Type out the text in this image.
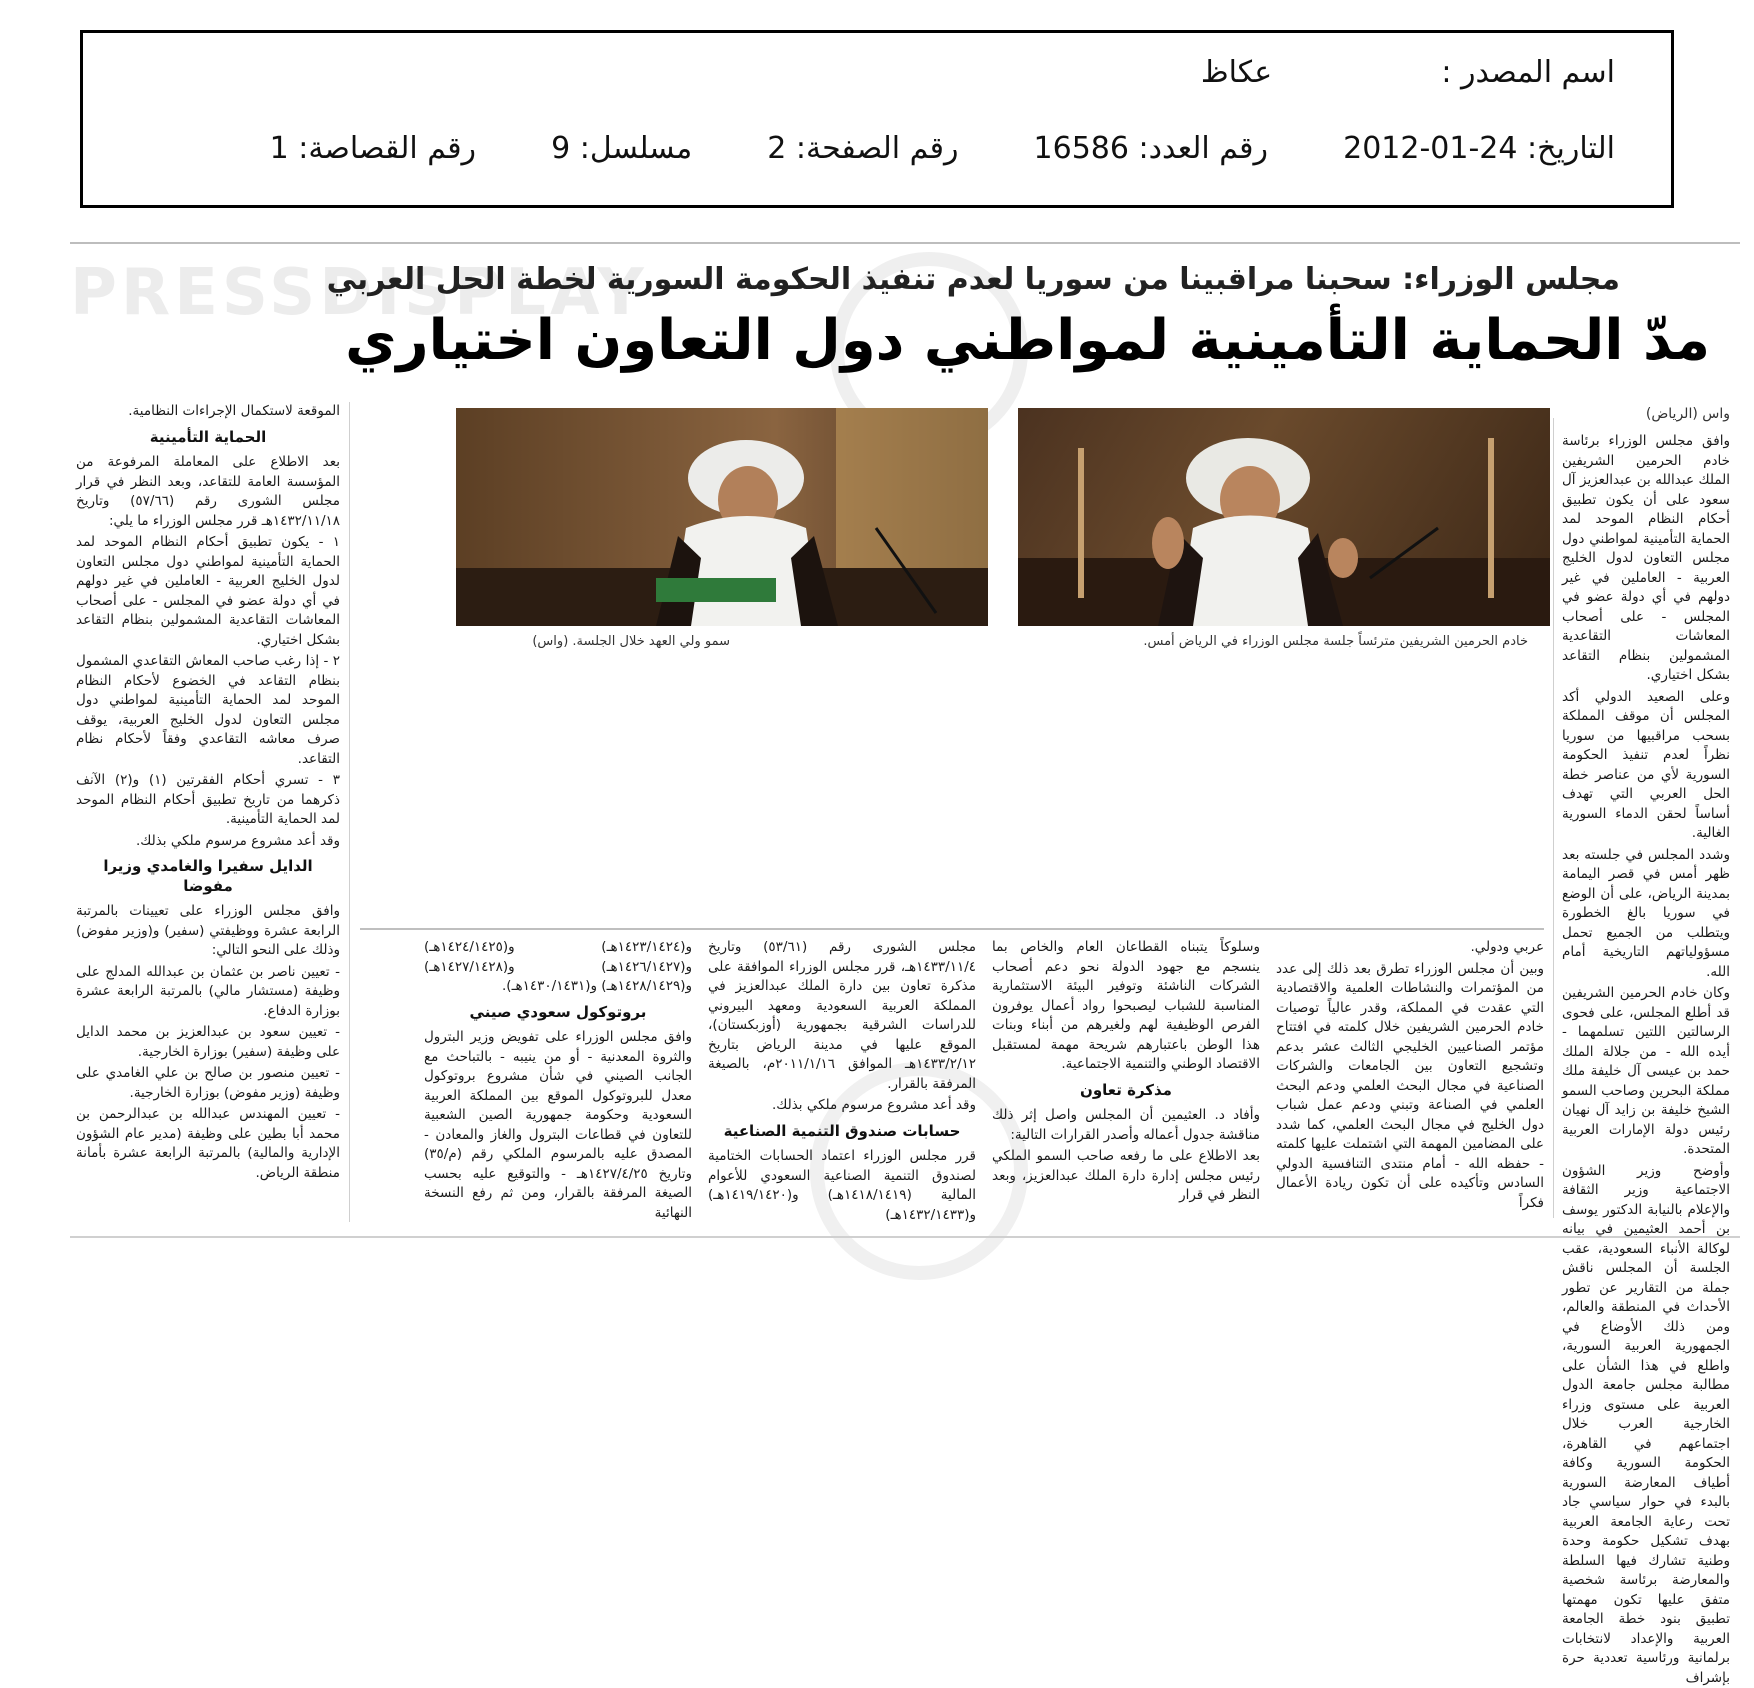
اسم المصدر :  عكاظ
التاريخ: 2012-01-24  رقم العدد: 16586  رقم الصفحة: 2  مسلسل: 9  رقم القصاصة: 1
PRESSDISPLAY
مجلس الوزراء: سحبنا مراقبينا من سوريا لعدم تنفيذ الحكومة السورية لخطة الحل العربي
مدّ الحماية التأمينية لمواطني دول التعاون اختياري
واس (الرياض)
خادم الحرمين الشريفين مترئساً جلسة مجلس الوزراء في الرياض أمس.
سمو ولي العهد خلال الجلسة. (واس)

وافق مجلس الوزراء برئاسة خادم الحرمين الشريفين الملك عبدالله بن عبدالعزيز آل سعود على أن يكون تطبيق أحكام النظام الموحد لمد الحماية التأمينية لمواطني دول مجلس التعاون لدول الخليج العربية - العاملين في غير دولهم في أي دولة عضو في المجلس - على أصحاب المعاشات التقاعدية المشمولين بنظام التقاعد بشكل اختياري.

وعلى الصعيد الدولي أكد المجلس أن موقف المملكة بسحب مراقبيها من سوريا نظراً لعدم تنفيذ الحكومة السورية لأي من عناصر خطة الحل العربي التي تهدف أساساً لحقن الدماء السورية الغالية.

وشدد المجلس في جلسته بعد ظهر أمس في قصر اليمامة بمدينة الرياض، على أن الوضع في سوريا بالغ الخطورة ويتطلب من الجميع تحمل مسؤولياتهم التاريخية أمام الله.

وكان خادم الحرمين الشريفين قد أطلع المجلس، على فحوى الرسالتين اللتين تسلمهما - أيده الله - من جلالة الملك حمد بن عيسى آل خليفة ملك مملكة البحرين وصاحب السمو الشيخ خليفة بن زايد آل نهيان رئيس دولة الإمارات العربية المتحدة.

وأوضح وزير الشؤون الاجتماعية وزير الثقافة والإعلام بالنيابة الدكتور يوسف بن أحمد العثيمين في بيانه لوكالة الأنباء السعودية، عقب الجلسة أن المجلس ناقش جملة من التقارير عن تطور الأحداث في المنطقة والعالم، ومن ذلك الأوضاع في الجمهورية العربية السورية، واطلع في هذا الشأن على مطالبة مجلس جامعة الدول العربية على مستوى وزراء الخارجية العرب خلال اجتماعهم في القاهرة، الحكومة السورية وكافة أطياف المعارضة السورية بالبدء في حوار سياسي جاد تحت رعاية الجامعة العربية بهدف تشكيل حكومة وحدة وطنية تشارك فيها السلطة والمعارضة برئاسة شخصية متفق عليها تكون مهمتها تطبيق بنود خطة الجامعة العربية والإعداد لانتخابات برلمانية ورئاسية تعددية حرة بإشراف

عربي ودولي.

وبين أن مجلس الوزراء تطرق بعد ذلك إلى عدد من المؤتمرات والنشاطات العلمية والاقتصادية التي عقدت في المملكة، وقدر عالياً توصيات خادم الحرمين الشريفين خلال كلمته في افتتاح مؤتمر الصناعيين الخليجي الثالث عشر بدعم وتشجيع التعاون بين الجامعات والشركات الصناعية في مجال البحث العلمي ودعم البحث العلمي في الصناعة وتبني ودعم عمل شباب دول الخليج في مجال البحث العلمي، كما شدد على المضامين المهمة التي اشتملت عليها كلمته - حفظه الله - أمام منتدى التنافسية الدولي السادس وتأكيده على أن تكون ريادة الأعمال فكراً

وسلوكاً يتبناه القطاعان العام والخاص بما ينسجم مع جهود الدولة نحو دعم أصحاب الشركات الناشئة وتوفير البيئة الاستثمارية المناسبة للشباب ليصبحوا رواد أعمال يوفرون الفرص الوظيفية لهم ولغيرهم من أبناء وبنات هذا الوطن باعتبارهم شريحة مهمة لمستقبل الاقتصاد الوطني والتنمية الاجتماعية.

مذكرة تعاون

وأفاد د. العثيمين أن المجلس واصل إثر ذلك مناقشة جدول أعماله وأصدر القرارات التالية:

بعد الاطلاع على ما رفعه صاحب السمو الملكي رئيس مجلس إدارة دارة الملك عبدالعزيز، وبعد النظر في قرار

مجلس الشورى رقم (٥٣/٦١) وتاريخ ١٤٣٣/١١/٤هـ، قرر مجلس الوزراء الموافقة على مذكرة تعاون بين دارة الملك عبدالعزيز في المملكة العربية السعودية ومعهد البيروني للدراسات الشرقية بجمهورية (أوزبكستان)، الموقع عليها في مدينة الرياض بتاريخ ١٤٣٣/٢/١٢هـ الموافق ٢٠١١/١/١٦م، بالصيغة المرفقة بالقرار.

وقد أعد مشروع مرسوم ملكي بذلك.

حسابات صندوق التنمية الصناعية

قرر مجلس الوزراء اعتماد الحسابات الختامية لصندوق التنمية الصناعية السعودي للأعوام المالية (١٤١٨/١٤١٩هـ) و(١٤١٩/١٤٢٠هـ) و(١٤٣٢/١٤٣٣هـ)

و(١٤٢٣/١٤٢٤هـ) و(١٤٢٤/١٤٢٥هـ) و(١٤٢٦/١٤٢٧هـ) و(١٤٢٧/١٤٢٨هـ) و(١٤٢٨/١٤٢٩هـ) و(١٤٣٠/١٤٣١هـ).

بروتوكول سعودي صيني

وافق مجلس الوزراء على تفويض وزير البترول والثروة المعدنية - أو من ينيبه - بالتباحث مع الجانب الصيني في شأن مشروع بروتوكول معدل للبروتوكول الموقع بين المملكة العربية السعودية وحكومة جمهورية الصين الشعبية للتعاون في قطاعات البترول والغاز والمعادن - المصدق عليه بالمرسوم الملكي رقم (م/٣٥) وتاريخ ١٤٢٧/٤/٢٥هـ - والتوقيع عليه بحسب الصيغة المرفقة بالقرار، ومن ثم رفع النسخة النهائية

الموقعة لاستكمال الإجراءات النظامية.

الحماية التأمينية

بعد الاطلاع على المعاملة المرفوعة من المؤسسة العامة للتقاعد، وبعد النظر في قرار مجلس الشورى رقم (٥٧/٦٦) وتاريخ ١٤٣٢/١١/١٨هـ قرر مجلس الوزراء ما يلي:

١ - يكون تطبيق أحكام النظام الموحد لمد الحماية التأمينية لمواطني دول مجلس التعاون لدول الخليج العربية - العاملين في غير دولهم في أي دولة عضو في المجلس - على أصحاب المعاشات التقاعدية المشمولين بنظام التقاعد بشكل اختياري.

٢ - إذا رغب صاحب المعاش التقاعدي المشمول بنظام التقاعد في الخضوع لأحكام النظام الموحد لمد الحماية التأمينية لمواطني دول مجلس التعاون لدول الخليج العربية، يوقف صرف معاشه التقاعدي وفقاً لأحكام نظام التقاعد.

٣ - تسري أحكام الفقرتين (١) و(٢) الآنف ذكرهما من تاريخ تطبيق أحكام النظام الموحد لمد الحماية التأمينية.

وقد أعد مشروع مرسوم ملكي بذلك.

الدايل سفيرا والغامدي وزيرا مفوضا

وافق مجلس الوزراء على تعيينات بالمرتبة الرابعة عشرة ووظيفتي (سفير) و(وزير مفوض) وذلك على النحو التالي:

- تعيين ناصر بن عثمان بن عبدالله المدلج على وظيفة (مستشار مالي) بالمرتبة الرابعة عشرة بوزارة الدفاع.

- تعيين سعود بن عبدالعزيز بن محمد الدايل على وظيفة (سفير) بوزارة الخارجية.

- تعيين منصور بن صالح بن علي الغامدي على وظيفة (وزير مفوض) بوزارة الخارجية.

- تعيين المهندس عبدالله بن عبدالرحمن بن محمد أبا بطين على وظيفة (مدير عام الشؤون الإدارية والمالية) بالمرتبة الرابعة عشرة بأمانة منطقة الرياض.
